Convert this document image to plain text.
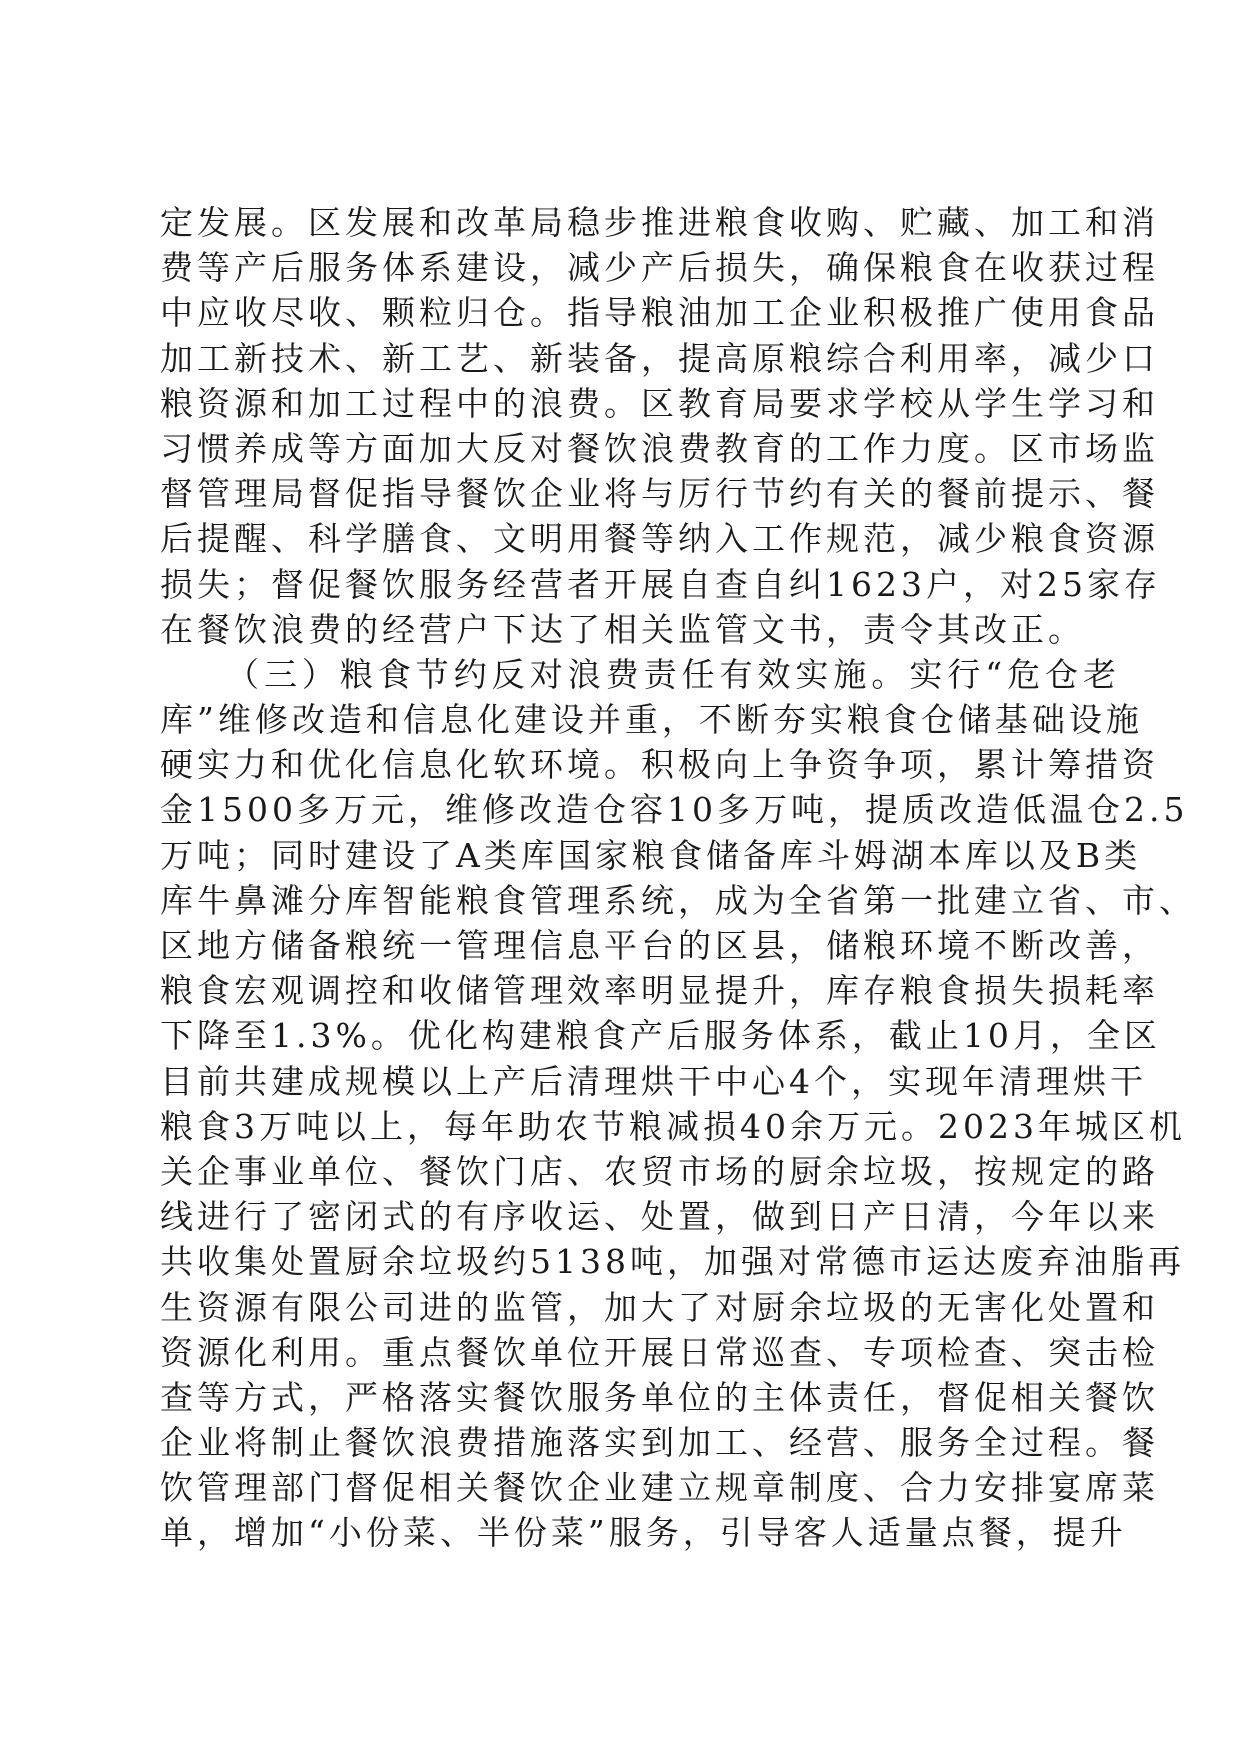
定发展。区发展和改革局稳步推进粮食收购、贮藏、加工和消
费等产后服务体系建设，减少产后损失，确保粮食在收获过程
中应收尽收、颗粒归仓。指导粮油加工企业积极推广使用食品
加工新技术、新工艺、新装备，提高原粮综合利用率，减少口
粮资源和加工过程中的浪费。区教育局要求学校从学生学习和
习惯养成等方面加大反对餐饮浪费教育的工作力度。区市场监
督管理局督促指导餐饮企业将与厉行节约有关的餐前提示、餐
后提醒、科学膳食、文明用餐等纳入工作规范，减少粮食资源
损失；督促餐饮服务经营者开展自查自纠1623户，对25家存
在餐饮浪费的经营户下达了相关监管文书，责令其改正。
（三）粮食节约反对浪费责任有效实施。实行“危仓老
库”维修改造和信息化建设并重，不断夯实粮食仓储基础设施
硬实力和优化信息化软环境。积极向上争资争项，累计筹措资
金1500多万元，维修改造仓容10多万吨，提质改造低温仓2.5
万吨；同时建设了A类库国家粮食储备库斗姆湖本库以及B类
库牛鼻滩分库智能粮食管理系统，成为全省第一批建立省、市、
区地方储备粮统一管理信息平台的区县，储粮环境不断改善，
粮食宏观调控和收储管理效率明显提升，库存粮食损失损耗率
下降至1.3%。优化构建粮食产后服务体系，截止10月，全区
目前共建成规模以上产后清理烘干中心4个，实现年清理烘干
粮食3万吨以上，每年助农节粮减损40余万元。2023年城区机
关企事业单位、餐饮门店、农贸市场的厨余垃圾，按规定的路
线进行了密闭式的有序收运、处置，做到日产日清，今年以来
共收集处置厨余垃圾约5138吨，加强对常德市运达废弃油脂再
生资源有限公司进的监管，加大了对厨余垃圾的无害化处置和
资源化利用。重点餐饮单位开展日常巡查、专项检查、突击检
查等方式，严格落实餐饮服务单位的主体责任，督促相关餐饮
企业将制止餐饮浪费措施落实到加工、经营、服务全过程。餐
饮管理部门督促相关餐饮企业建立规章制度、合力安排宴席菜
单，增加“小份菜、半份菜”服务，引导客人适量点餐，提升
